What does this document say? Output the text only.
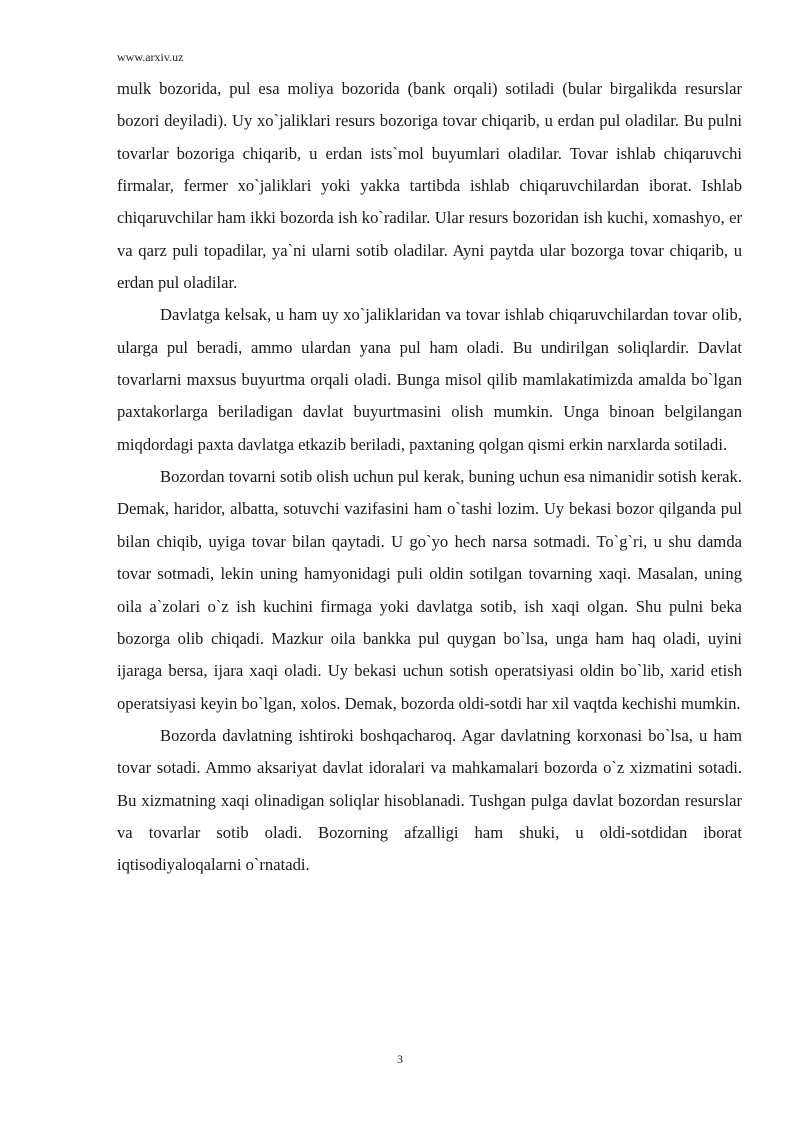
www.arxiv.uz

mulk bozorida, pul esa moliya bozorida (bank orqali) sotiladi (bular birgalikda resurslar bozori deyiladi). Uy xo`jaliklari resurs bozoriga tovar chiqarib, u erdan pul oladilar. Bu pulni tovarlar bozoriga chiqarib, u erdan ists`mol buyumlari oladilar. Tovar ishlab chiqaruvchi firmalar, fermer xo`jaliklari yoki yakka tartibda ishlab chiqaruvchilardan iborat. Ishlab chiqaruvchilar ham ikki bozorda ish ko`radilar. Ular resurs bozoridan ish kuchi, xomashyo, er va qarz puli topadilar, ya`ni ularni sotib oladilar. Ayni paytda ular bozorga tovar chiqarib, u erdan pul oladilar.

Davlatga kelsak, u ham uy xo`jaliklaridan va tovar ishlab chiqaruvchilardan tovar olib, ularga pul beradi, ammo ulardan yana pul ham oladi. Bu undirilgan soliqlardir. Davlat tovarlarni maxsus buyurtma orqali oladi. Bunga misol qilib mamlakatimizda amalda bo`lgan paxtakorlarga beriladigan davlat buyurtmasini olish mumkin. Unga binoan belgilangan miqdordagi paxta davlatga etkazib beriladi, paxtaning qolgan qismi erkin narxlarda sotiladi.

Bozordan tovarni sotib olish uchun pul kerak, buning uchun esa nimanidir sotish kerak. Demak, haridor, albatta, sotuvchi vazifasini ham o`tashi lozim. Uy bekasi bozor qilganda pul bilan chiqib, uyiga tovar bilan qaytadi. U go`yo hech narsa sotmadi. To`g`ri, u shu damda tovar sotmadi, lekin uning hamyonidagi puli oldin sotilgan tovarning xaqi. Masalan, uning oila a`zolari o`z ish kuchini firmaga yoki davlatga sotib, ish xaqi olgan. Shu pulni beka bozorga olib chiqadi. Mazkur oila bankka pul quygan bo`lsa, unga ham haq oladi, uyini ijaraga bersa, ijara xaqi oladi. Uy bekasi uchun sotish operatsiyasi oldin bo`lib, xarid etish operatsiyasi keyin bo`lgan, xolos. Demak, bozorda oldi-sotdi har xil vaqtda kechishi mumkin.

Bozorda davlatning ishtiroki boshqacharoq. Agar davlatning korxonasi bo`lsa, u ham tovar sotadi. Ammo aksariyat davlat idoralari va mahkamalari bozorda o`z xizmatini sotadi. Bu xizmatning xaqi olinadigan soliqlar hisoblanadi. Tushgan pulga davlat bozordan resurslar va tovarlar sotib oladi. Bozorning afzalligi ham shuki, u oldi-sotdidan iborat iqtisodiyaloqalarni o`rnatadi.

3
